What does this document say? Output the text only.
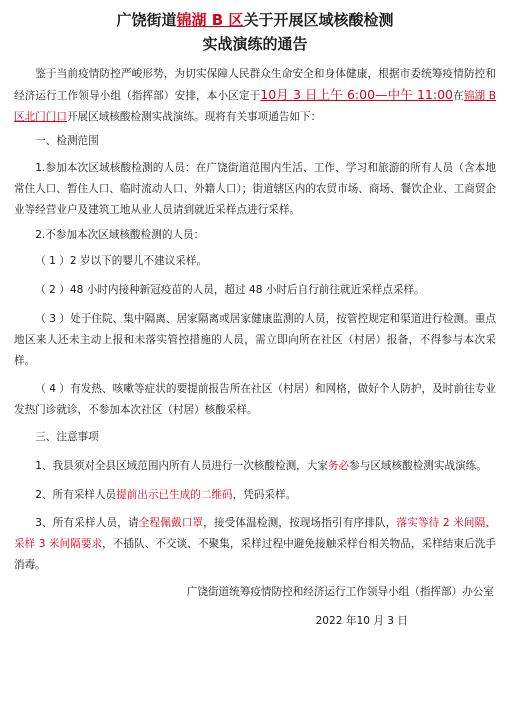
广饶街道锦湖 B 区关于开展区域核酸检测
实战演练的通告

鉴于当前疫情防控严峻形势，为切实保障人民群众生命安全和身体健康，根据市委统筹疫情防控和经济运行工作领导小组（指挥部）安排，本小区定于10月 3 日上午 6:00—中午 11:00在锦湖 B 区北门门口开展区域核酸检测实战演练。现将有关事项通告如下：

一、检测范围

1.参加本次区域核酸检测的人员：在广饶街道范围内生活、工作、学习和旅游的所有人员（含本地常住人口、暂住人口、临时流动人口、外籍人口）；街道辖区内的农贸市场、商场、餐饮企业、工商贸企业等经营业户及建筑工地从业人员请到就近采样点进行采样。

2.不参加本次区域核酸检测的人员：

（ 1 ）2 岁以下的婴儿不建议采样。

（ 2 ）48 小时内接种新冠疫苗的人员，超过 48 小时后自行前往就近采样点采样。

（ 3 ）处于住院、集中隔离、居家隔离或居家健康监测的人员，按管控规定和渠道进行检测。重点地区来人还未主动上报和未落实管控措施的人员，需立即向所在社区（村居）报备，不得参与本次采样。

（ 4 ）有发热、咳嗽等症状的要提前报告所在社区（村居）和网格，做好个人防护，及时前往专业发热门诊就诊，不参加本次社区（村居）核酸采样。

三、注意事项

1、我县须对全县区域范围内所有人员进行一次核酸检测，大家务必参与区域核酸检测实战演练。

2、所有采样人员提前出示已生成的二维码，凭码采样。

3、所有采样人员，请全程佩戴口罩，接受体温检测，按现场指引有序排队，落实等待 2 米间隔、采样 3 米间隔要求，不插队、不交谈、不聚集，采样过程中避免接触采样台相关物品，采样结束后洗手消毒。

广饶街道统筹疫情防控和经济运行工作领导小组（指挥部）办公室
2022 年10 月 3 日
